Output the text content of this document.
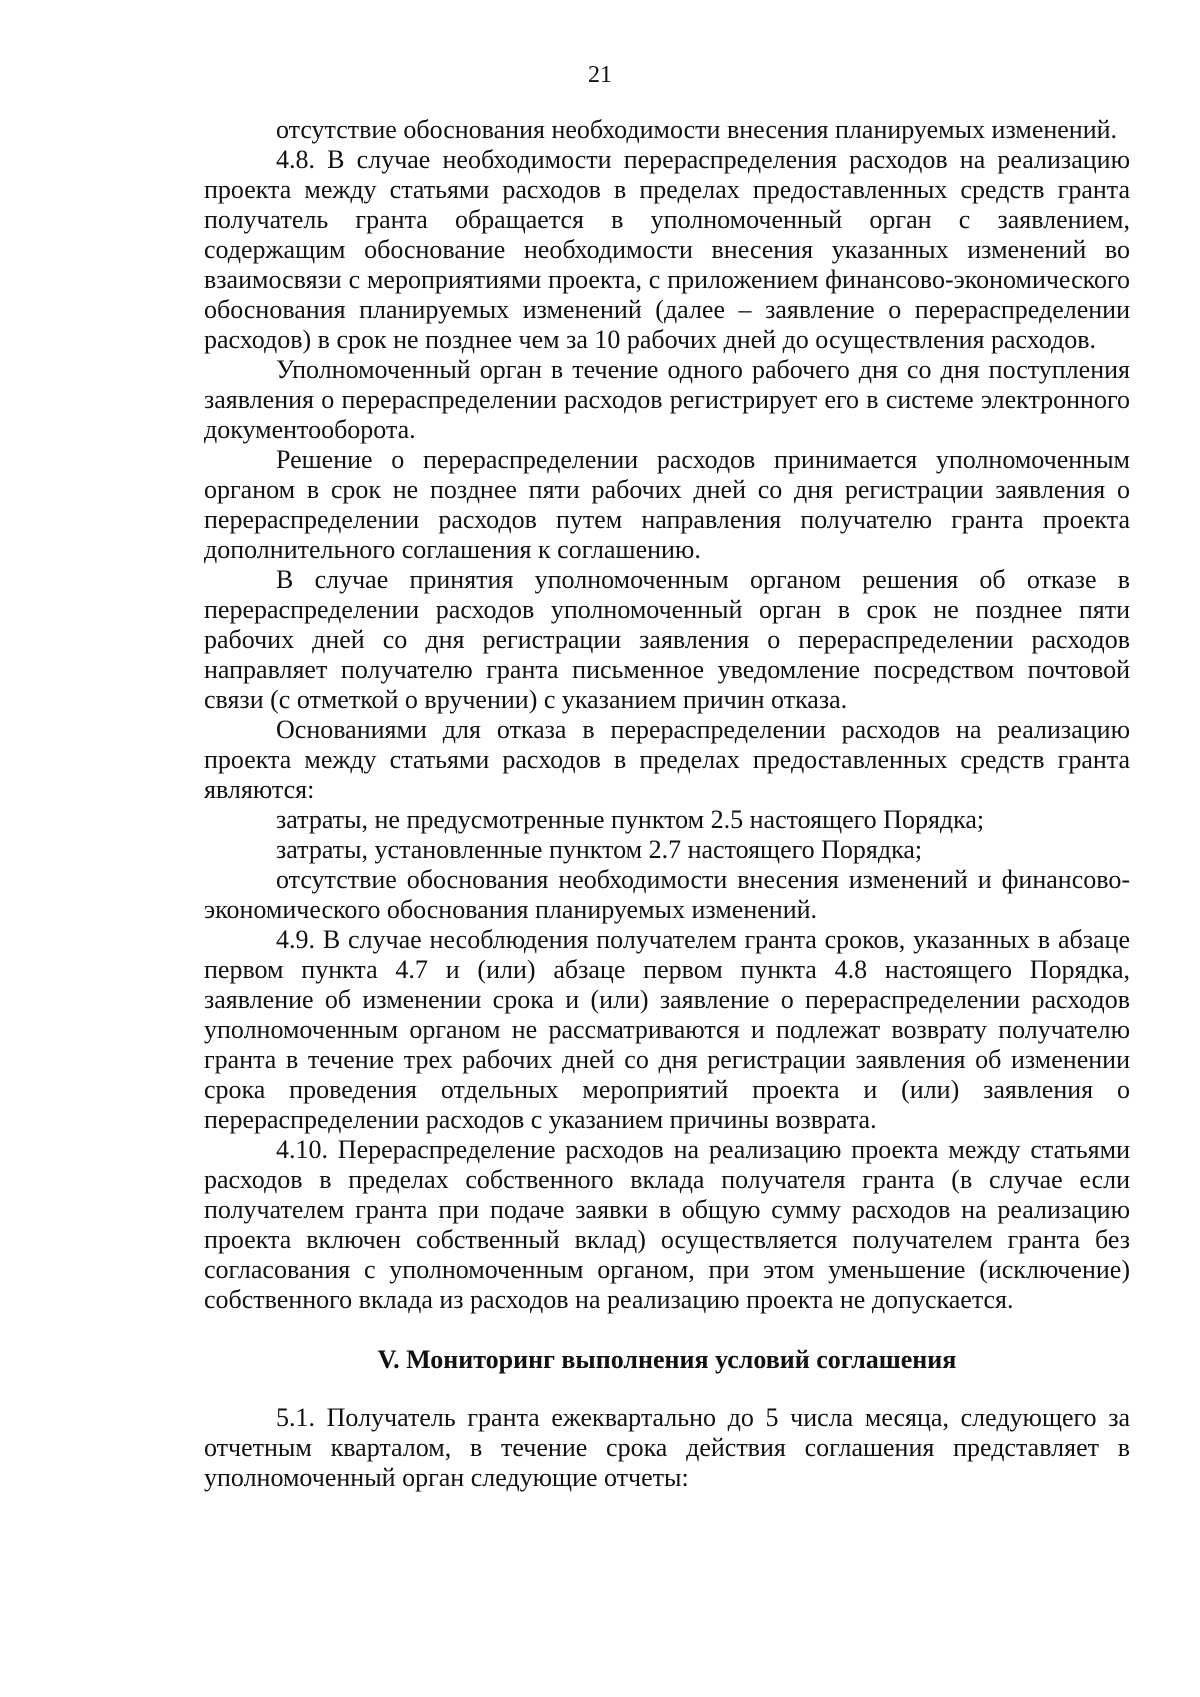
21

отсутствие обоснования необходимости внесения планируемых изменений.

4.8. В случае необходимости перераспределения расходов на реализацию проекта между статьями расходов в пределах предоставленных средств гранта получатель гранта обращается в уполномоченный орган с заявлением, содержащим обоснование необходимости внесения указанных изменений во взаимосвязи с мероприятиями проекта, с приложением финансово-экономического обоснования планируемых изменений (далее – заявление о перераспределении расходов) в срок не позднее чем за 10 рабочих дней до осуществления расходов.

Уполномоченный орган в течение одного рабочего дня со дня поступления заявления о перераспределении расходов регистрирует его в системе электронного документооборота.

Решение о перераспределении расходов принимается уполномоченным органом в срок не позднее пяти рабочих дней со дня регистрации заявления о перераспределении расходов путем направления получателю гранта проекта дополнительного соглашения к соглашению.

В случае принятия уполномоченным органом решения об отказе в перераспределении расходов уполномоченный орган в срок не позднее пяти рабочих дней со дня регистрации заявления о перераспределении расходов направляет получателю гранта письменное уведомление посредством почтовой связи (с отметкой о вручении) с указанием причин отказа.

Основаниями для отказа в перераспределении расходов на реализацию проекта между статьями расходов в пределах предоставленных средств гранта являются:

затраты, не предусмотренные пунктом 2.5 настоящего Порядка;

затраты, установленные пунктом 2.7 настоящего Порядка;

отсутствие обоснования необходимости внесения изменений и финансово-экономического обоснования планируемых изменений.

4.9. В случае несоблюдения получателем гранта сроков, указанных в абзаце первом пункта 4.7 и (или) абзаце первом пункта 4.8 настоящего Порядка, заявление об изменении срока и (или) заявление о перераспределении расходов уполномоченным органом не рассматриваются и подлежат возврату получателю гранта в течение трех рабочих дней со дня регистрации заявления об изменении срока проведения отдельных мероприятий проекта и (или) заявления о перераспределении расходов с указанием причины возврата.

4.10. Перераспределение расходов на реализацию проекта между статьями расходов в пределах собственного вклада получателя гранта (в случае если получателем гранта при подаче заявки в общую сумму расходов на реализацию проекта включен собственный вклад) осуществляется получателем гранта без согласования с уполномоченным органом, при этом уменьшение (исключение) собственного вклада из расходов на реализацию проекта не допускается.

V. Мониторинг выполнения условий соглашения

5.1. Получатель гранта ежеквартально до 5 числа месяца, следующего за отчетным кварталом, в течение срока действия соглашения представляет в уполномоченный орган следующие отчеты:
